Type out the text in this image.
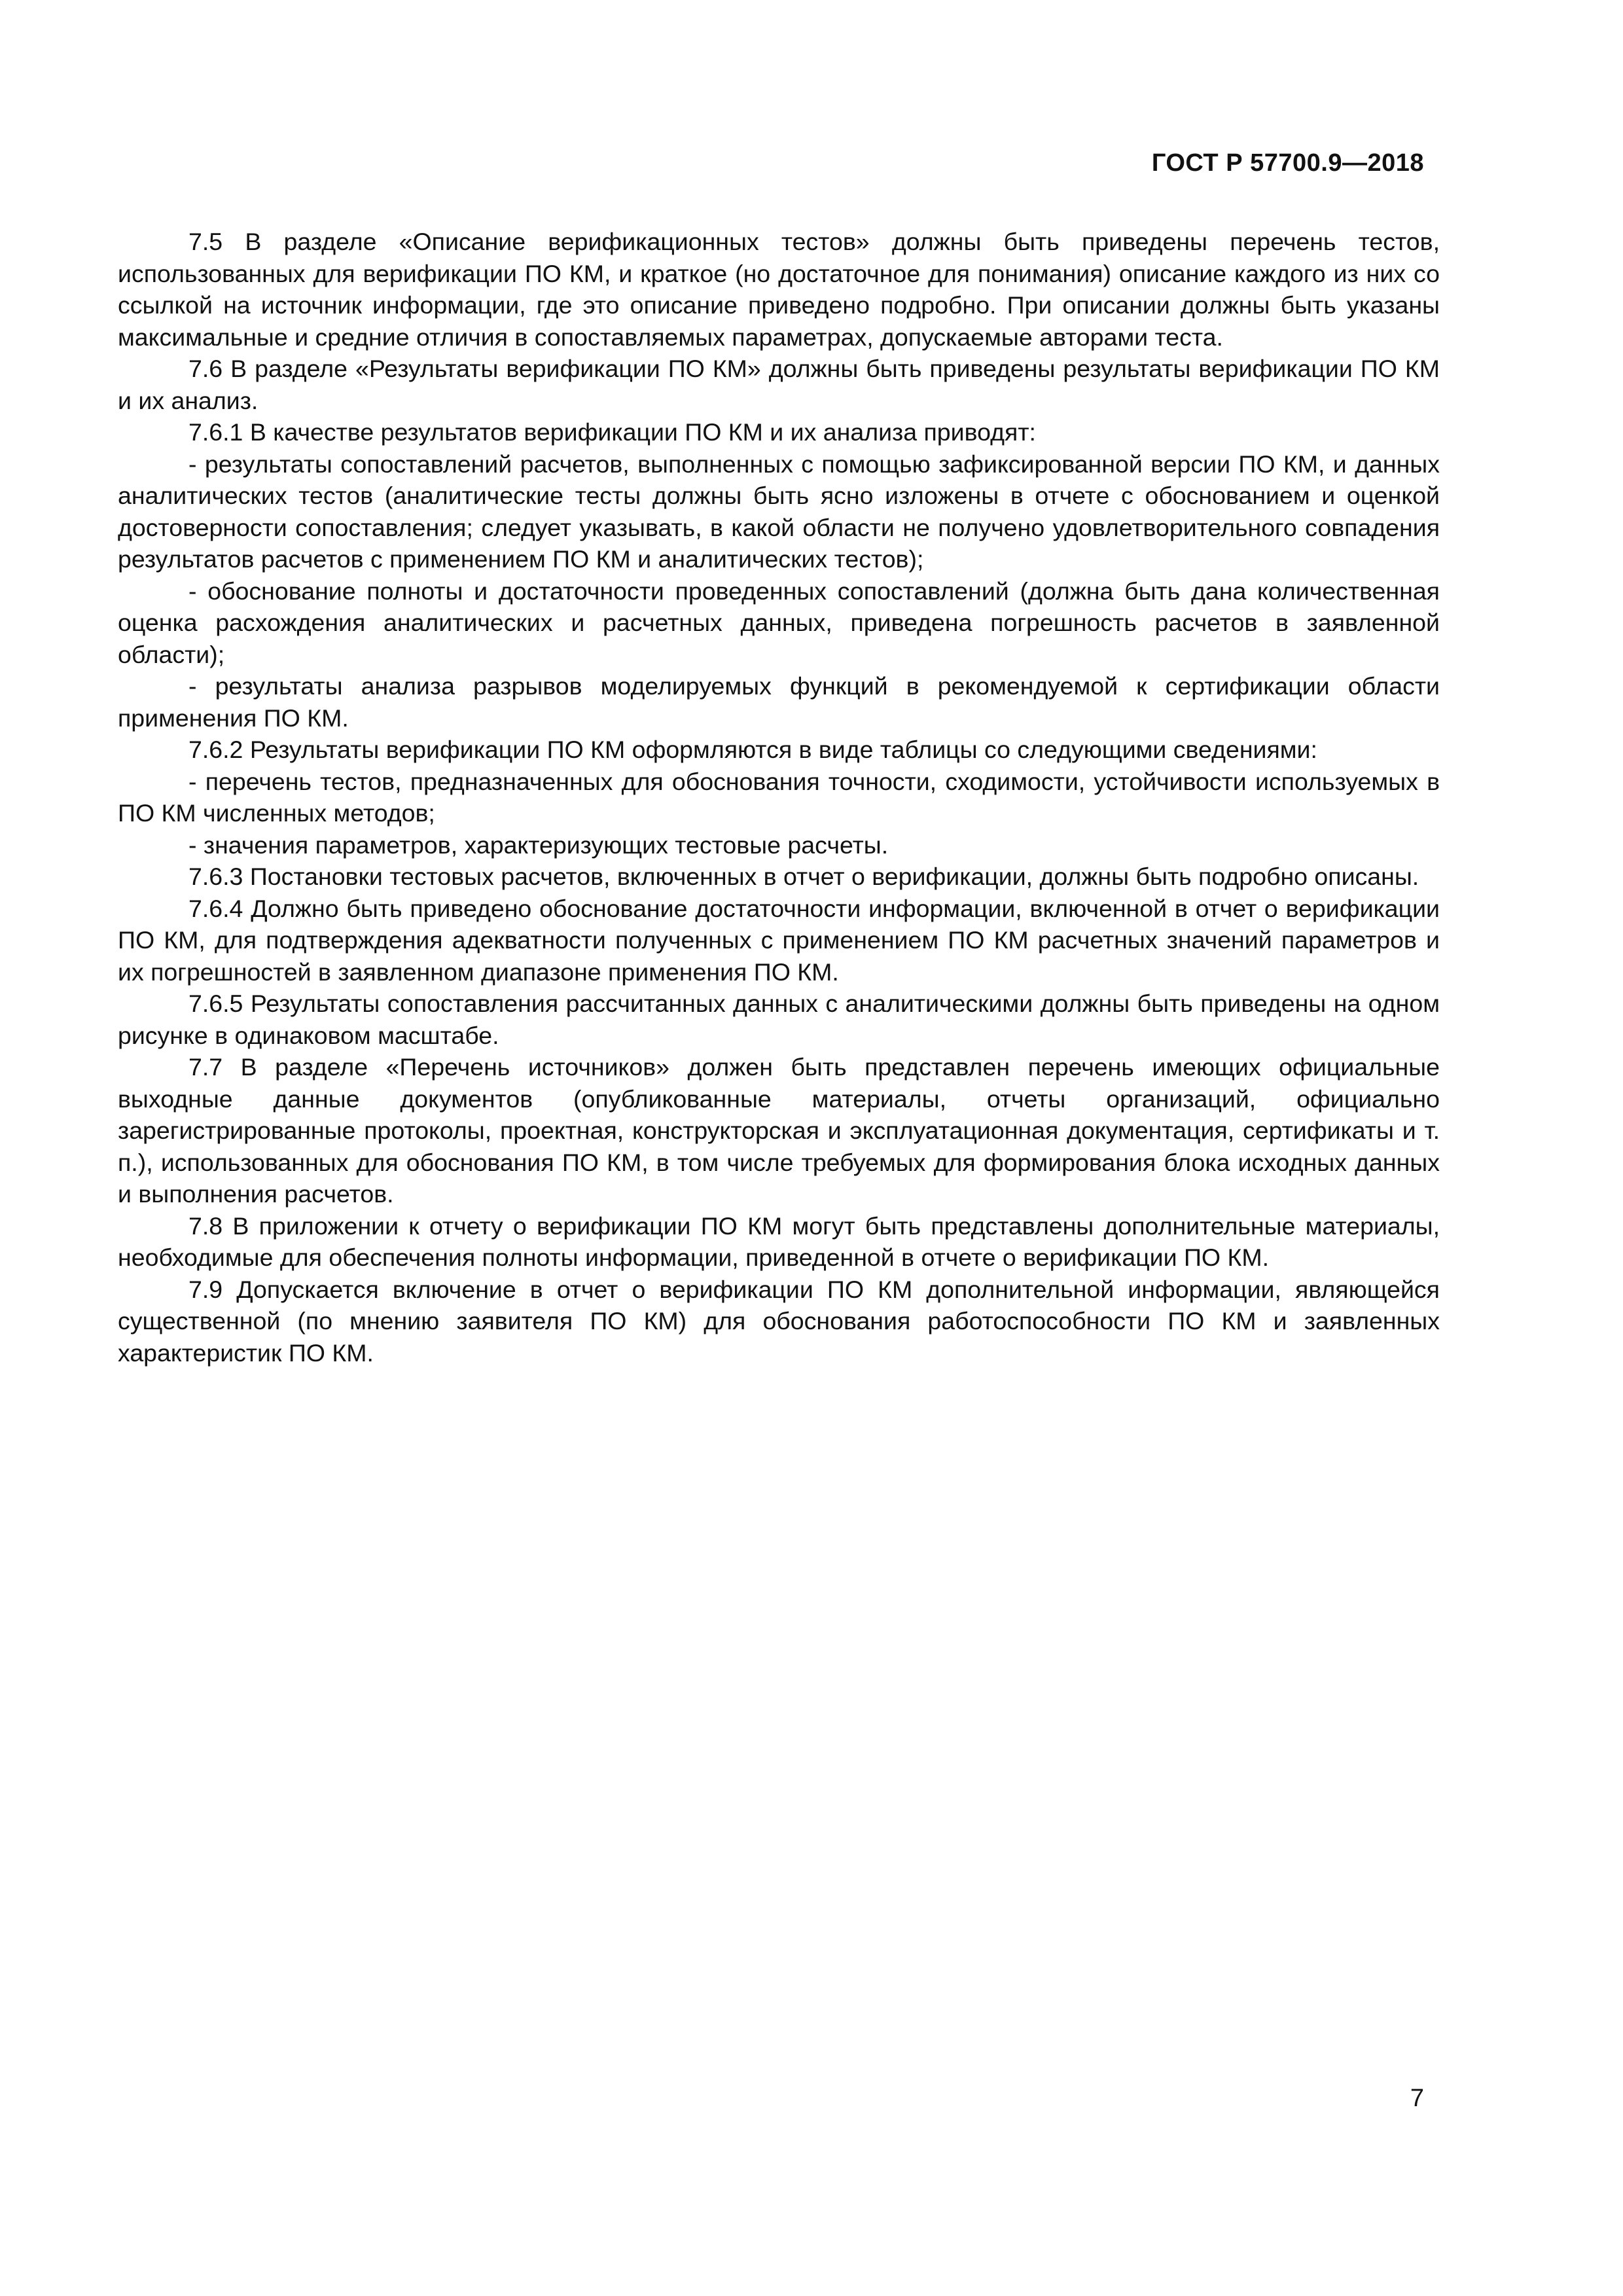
ГОСТ Р 57700.9—2018

7.5 В разделе «Описание верификационных тестов» должны быть приведены перечень тестов, использованных для верификации ПО КМ, и краткое (но достаточное для понимания) описание каждого из них со ссылкой на источник информации, где это описание приведено подробно. При описании должны быть указаны максимальные и средние отличия в сопоставляемых параметрах, допускаемые авторами теста.

7.6 В разделе «Результаты верификации ПО КМ» должны быть приведены результаты верификации ПО КМ и их анализ.

7.6.1 В качестве результатов верификации ПО КМ и их анализа приводят:

- результаты сопоставлений расчетов, выполненных с помощью зафиксированной версии ПО КМ, и данных аналитических тестов (аналитические тесты должны быть ясно изложены в отчете с обоснованием и оценкой достоверности сопоставления; следует указывать, в какой области не получено удовлетворительного совпадения результатов расчетов с применением ПО КМ и аналитических тестов);

- обоснование полноты и достаточности проведенных сопоставлений (должна быть дана количественная оценка расхождения аналитических и расчетных данных, приведена погрешность расчетов в заявленной области);

- результаты анализа разрывов моделируемых функций в рекомендуемой к сертификации области применения ПО КМ.

7.6.2 Результаты верификации ПО КМ оформляются в виде таблицы со следующими сведениями:

- перечень тестов, предназначенных для обоснования точности, сходимости, устойчивости используемых в ПО КМ численных методов;

- значения параметров, характеризующих тестовые расчеты.

7.6.3 Постановки тестовых расчетов, включенных в отчет о верификации, должны быть подробно описаны.

7.6.4 Должно быть приведено обоснование достаточности информации, включенной в отчет о верификации ПО КМ, для подтверждения адекватности полученных с применением ПО КМ расчетных значений параметров и их погрешностей в заявленном диапазоне применения ПО КМ.

7.6.5 Результаты сопоставления рассчитанных данных с аналитическими должны быть приведены на одном рисунке в одинаковом масштабе.

7.7 В разделе «Перечень источников» должен быть представлен перечень имеющих официальные выходные данные документов (опубликованные материалы, отчеты организаций, официально зарегистрированные протоколы, проектная, конструкторская и эксплуатационная документация, сертификаты и т. п.), использованных для обоснования ПО КМ, в том числе требуемых для формирования блока исходных данных и выполнения расчетов.

7.8 В приложении к отчету о верификации ПО КМ могут быть представлены дополнительные материалы, необходимые для обеспечения полноты информации, приведенной в отчете о верификации ПО КМ.

7.9 Допускается включение в отчет о верификации ПО КМ дополнительной информации, являющейся существенной (по мнению заявителя ПО КМ) для обоснования работоспособности ПО КМ и заявленных характеристик ПО КМ.

7
